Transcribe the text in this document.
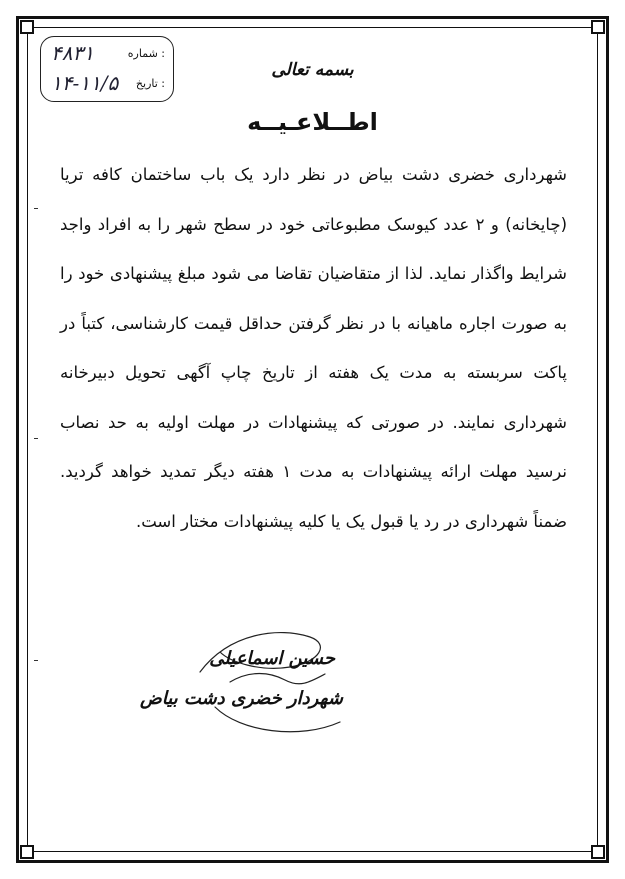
شماره :
۴۸۳۱
تاریخ :
۱۴-۱۱/۵
بسمه تعالی
اطــلاعـیــه

شهرداری خضری دشت بیاض در نظر دارد یک باب ساختمان کافه تریا (چایخانه) و ۲ عدد کیوسک مطبوعاتی خود در سطح شهر را به افراد واجد شرایط واگذار نماید. لذا از متقاضیان تقاضا می شود مبلغ پیشنهادی خود را به صورت اجاره ماهیانه با در نظر گرفتن حداقل قیمت کارشناسی، کتباً در پاکت سربسته به مدت یک هفته از تاریخ چاپ آگهی تحویل دبیرخانه شهرداری نمایند. در صورتی که پیشنهادات در مهلت اولیه به حد نصاب نرسید مهلت ارائه پیشنهادات به مدت ۱ هفته دیگر تمدید خواهد گردید. ضمناً شهرداری در رد یا قبول یک یا کلیه پیشنهادات مختار است.

حسین اسماعیلی
شهردار خضری دشت بیاض
